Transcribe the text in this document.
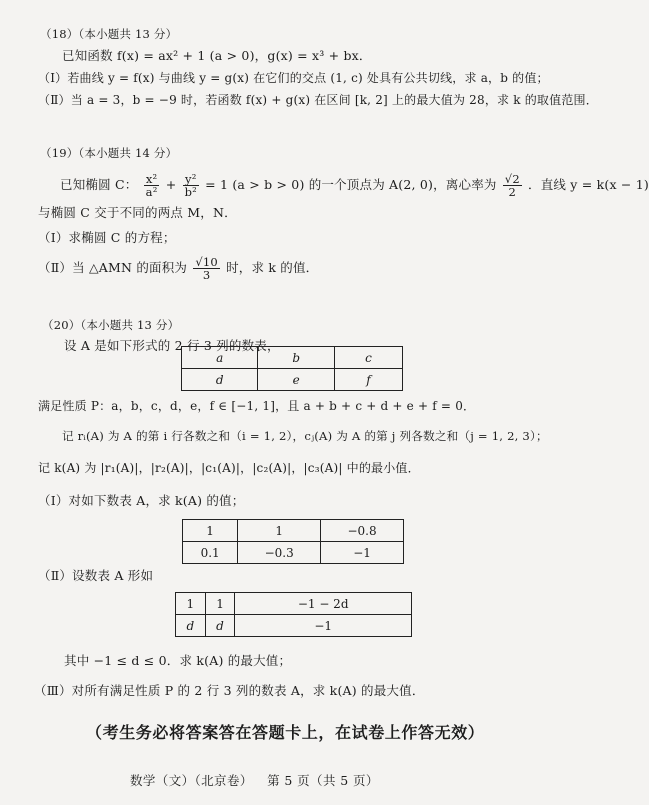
（18）（本小题共 13 分）
已知函数 f(x) = ax² + 1 (a > 0)，g(x) = x³ + bx．
（Ⅰ）若曲线 y = f(x) 与曲线 y = g(x) 在它们的交点 (1, c) 处具有公共切线，求 a，b 的值；
（Ⅱ）当 a = 3，b = −9 时，若函数 f(x) + g(x) 在区间 [k, 2] 上的最大值为 28，求 k 的取值范围．
（19）（本小题共 14 分）
已知椭圆 C： $\frac{\text{x²}}{\text{a²}} + \frac{\text{y²}}{\text{b²}} = 1$ (a > b > 0) 的一个顶点为 A(2, 0)，离心率为 $\frac{√2}{2}$ ．直线 y = k(x − 1)
与椭圆 C 交于不同的两点 M，N．
（Ⅰ）求椭圆 C 的方程；
（Ⅱ）当 △AMN 的面积为 $\frac{√10}{3}$ 时，求 k 的值．
（20）（本小题共 13 分）
设 A 是如下形式的 2 行 3 列的数表，
a	b	c
d	e	f
满足性质 P：a，b，c，d，e，f ∈ [−1, 1]，且 a + b + c + d + e + f = 0．
记 rᵢ(A) 为 A 的第 i 行各数之和（i = 1, 2），cⱼ(A) 为 A 的第 j 列各数之和（j = 1, 2, 3）；
记 k(A) 为 |r₁(A)|，|r₂(A)|，|c₁(A)|，|c₂(A)|，|c₃(A)| 中的最小值．
（Ⅰ）对如下数表 A，求 k(A) 的值；
1	1	−0.8
0.1	−0.3	−1
（Ⅱ）设数表 A 形如
1	1	−1 − 2d
d	d	−1
其中 −1 ≤ d ≤ 0．求 k(A) 的最大值；
（Ⅲ）对所有满足性质 P 的 2 行 3 列的数表 A，求 k(A) 的最大值．
（考生务必将答案答在答题卡上，在试卷上作答无效）
数学（文）（北京卷） 第 5 页（共 5 页）
